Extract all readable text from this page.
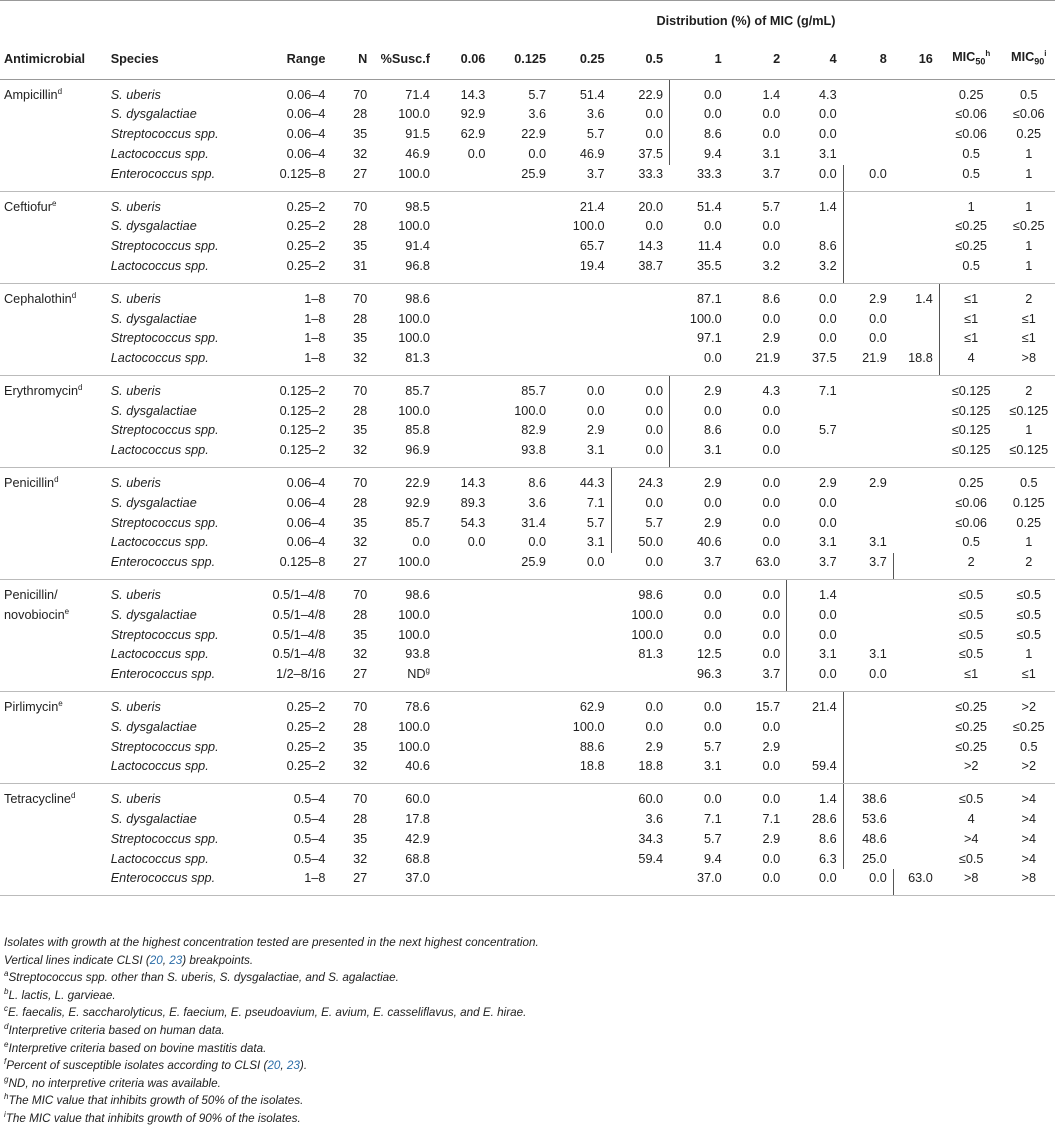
					Distribution (%) of MIC (g/mL)										
Antimicrobial	Species	Range	N	%Susc.f	0.06	0.125	0.25	0.5	1	2	4	8	16	$MIC_{50}^h$	$MIC_{90}^i$
Ampicillin$^d$	S. uberis	0.06–4	70	71.4	14.3	5.7	51.4	22.9	0.0	1.4	4.3			0.25	0.5
	S. dysgalactiae	0.06–4	28	100.0	92.9	3.6	3.6	0.0	0.0	0.0	0.0			≤0.06	≤0.06
	Streptococcus spp.	0.06–4	35	91.5	62.9	22.9	5.7	0.0	8.6	0.0	0.0			≤0.06	0.25
	Lactococcus spp.	0.06–4	32	46.9	0.0	0.0	46.9	37.5	9.4	3.1	3.1			0.5	1
	Enterococcus spp.	0.125–8	27	100.0		25.9	3.7	33.3	33.3	3.7	0.0	0.0		0.5	1
Ceftiofur$^e$	S. uberis	0.25–2	70	98.5			21.4	20.0	51.4	5.7	1.4			1	1
	S. dysgalactiae	0.25–2	28	100.0			100.0	0.0	0.0	0.0				≤0.25	≤0.25
	Streptococcus spp.	0.25–2	35	91.4			65.7	14.3	11.4	0.0	8.6			≤0.25	1
	Lactococcus spp.	0.25–2	31	96.8			19.4	38.7	35.5	3.2	3.2			0.5	1
Cephalothin$^d$	S. uberis	1–8	70	98.6					87.1	8.6	0.0	2.9	1.4	≤1	2
	S. dysgalactiae	1–8	28	100.0					100.0	0.0	0.0	0.0		≤1	≤1
	Streptococcus spp.	1–8	35	100.0					97.1	2.9	0.0	0.0		≤1	≤1
	Lactococcus spp.	1–8	32	81.3					0.0	21.9	37.5	21.9	18.8	4	>8
Erythromycin$^d$	S. uberis	0.125–2	70	85.7		85.7	0.0	0.0	2.9	4.3	7.1			≤0.125	2
	S. dysgalactiae	0.125–2	28	100.0		100.0	0.0	0.0	0.0	0.0				≤0.125	≤0.125
	Streptococcus spp.	0.125–2	35	85.8		82.9	2.9	0.0	8.6	0.0	5.7			≤0.125	1
	Lactococcus spp.	0.125–2	32	96.9		93.8	3.1	0.0	3.1	0.0				≤0.125	≤0.125
Penicillin$^d$	S. uberis	0.06–4	70	22.9	14.3	8.6	44.3	24.3	2.9	0.0	2.9	2.9		0.25	0.5
	S. dysgalactiae	0.06–4	28	92.9	89.3	3.6	7.1	0.0	0.0	0.0	0.0			≤0.06	0.125
	Streptococcus spp.	0.06–4	35	85.7	54.3	31.4	5.7	5.7	2.9	0.0	0.0			≤0.06	0.25
	Lactococcus spp.	0.06–4	32	0.0	0.0	0.0	3.1	50.0	40.6	0.0	3.1	3.1		0.5	1
	Enterococcus spp.	0.125–8	27	100.0		25.9	0.0	0.0	3.7	63.0	3.7	3.7		2	2
Penicillin/	S. uberis	0.5/1–4/8	70	98.6				98.6	0.0	0.0	1.4			≤0.5	≤0.5
novobiocin$^e$	S. dysgalactiae	0.5/1–4/8	28	100.0				100.0	0.0	0.0	0.0			≤0.5	≤0.5
	Streptococcus spp.	0.5/1–4/8	35	100.0				100.0	0.0	0.0	0.0			≤0.5	≤0.5
	Lactococcus spp.	0.5/1–4/8	32	93.8				81.3	12.5	0.0	3.1	3.1		≤0.5	1
	Enterococcus spp.	1/2–8/16	27	$ND^g$					96.3	3.7	0.0	0.0		≤1	≤1
Pirlimycin$^e$	S. uberis	0.25–2	70	78.6			62.9	0.0	0.0	15.7	21.4			≤0.25	>2
	S. dysgalactiae	0.25–2	28	100.0			100.0	0.0	0.0	0.0				≤0.25	≤0.25
	Streptococcus spp.	0.25–2	35	100.0			88.6	2.9	5.7	2.9				≤0.25	0.5
	Lactococcus spp.	0.25–2	32	40.6			18.8	18.8	3.1	0.0	59.4			>2	>2
Tetracycline$^d$	S. uberis	0.5–4	70	60.0				60.0	0.0	0.0	1.4	38.6		≤0.5	>4
	S. dysgalactiae	0.5–4	28	17.8				3.6	7.1	7.1	28.6	53.6		4	>4
	Streptococcus spp.	0.5–4	35	42.9				34.3	5.7	2.9	8.6	48.6		>4	>4
	Lactococcus spp.	0.5–4	32	68.8				59.4	9.4	0.0	6.3	25.0		≤0.5	>4
	Enterococcus spp.	1–8	27	37.0					37.0	0.0	0.0	0.0	63.0	>8	>8
Isolates with growth at the highest concentration tested are presented in the next highest concentration.
Vertical lines indicate CLSI (20, 23) breakpoints.
$^a$Streptococcus spp. other than S. uberis, S. dysgalactiae, and S. agalactiae.
$^b$L. lactis, L. garvieae.
$^c$E. faecalis, E. saccharolyticus, E. faecium, E. pseudoavium, E. avium, E. casseliflavus, and E. hirae.
$^d$Interpretive criteria based on human data.
$^e$Interpretive criteria based on bovine mastitis data.
$^f$Percent of susceptible isolates according to CLSI (20, 23).
$^g$ND, no interpretive criteria was available.
$^h$The MIC value that inhibits growth of 50% of the isolates.
$^i$The MIC value that inhibits growth of 90% of the isolates.
